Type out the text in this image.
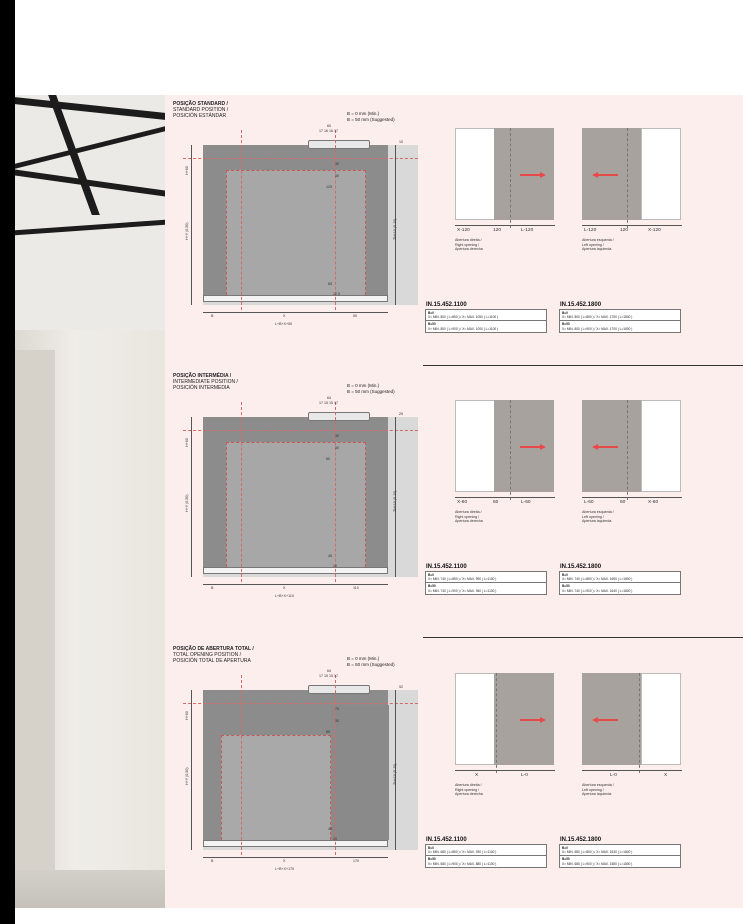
POSIÇÃO STANDARD /
STANDARD POSITION /
POSICIÓN ESTÁNDAR	B = 0 mm (Min.)
B = 50 mm (Suggested)
60
17 16 16 17
125
30
35
10
65
12.5
H+60
H+Y (0-50)	ZH+10 (5-20)
B	X	50
L+B+X+50
X-120	120	L-120
Abertura direita /
Right opening /
Apertura derecha
L-120	120	X-120
Abertura esquerda /
Left opening /
Apertura izquierda
IN.15.452.1100
B=0
X= MIN. 800 ( L=850 ) / X= MAX. 1050 ( L=1100 )
B=50
X= MIN. 800 ( L=900 ) / X= MAX. 1000 ( L=1100 )
IN.15.452.1800
B=0
X= MIN. 800 ( L=850 ) / X= MAX. 1750 ( L=1800 )
B=50
X= MIN. 800 ( L=900 ) / X= MAX. 1700 ( L=1800 )
POSIÇÃO INTERMÉDIA /
INTERMEDIATE POSITION /
POSICIÓN INTERMEDIA	B = 0 mm (Min.)
B = 50 mm (Suggested)
64
17 15 15 17
60
30
30
25
45
10
H+60
H+Y (0-50)	ZH+10 (5-20)
B	X	110
L+B+X+110
X-60	60	L-60
Abertura direita /
Right opening /
Apertura derecha
L-60	60	X-60
Abertura esquerda /
Left opening /
Apertura izquierda
IN.15.452.1100
B=0
X= MIN. 740 ( L=850 ) / X= MAX. 990 ( L=1100 )
B=50
X= MIN. 740 ( L=900 ) / X= MAX. 940 ( L=1100 )
IN.15.452.1800
B=0
X= MIN. 740 ( L=850 ) / X= MAX. 1690 ( L=1800 )
B=50
X= MIN. 740 ( L=900 ) / X= MAX. 1640 ( L=1800 )
POSIÇÃO DE ABERTURA TOTAL /
TOTAL OPENING POSITION /
POSICIÓN TOTAL DE APERTURA	B = 0 mm (Min.)
B = 50 mm (Suggested)
64
17 15 15 17
85
70
30
52
45
10
H+60
H+Y (0-50)	ZH+10 (5-20)
B	X	170
L+B+X+170
X	L-0
Abertura direita /
Right opening /
Apertura derecha
L-0	X
Abertura esquerda /
Left opening /
Apertura izquierda
IN.15.452.1100
B=0
X= MIN. 680 ( L=850 ) / X= MAX. 930 ( L=1100 )
B=50
X= MIN. 680 ( L=900 ) / X= MAX. 880 ( L=1100 )
IN.15.452.1800
B=0
X= MIN. 680 ( L=850 ) / X= MAX. 1630 ( L=1800 )
B=50
X= MIN. 680 ( L=900 ) / X= MAX. 1580 ( L=1800 )
